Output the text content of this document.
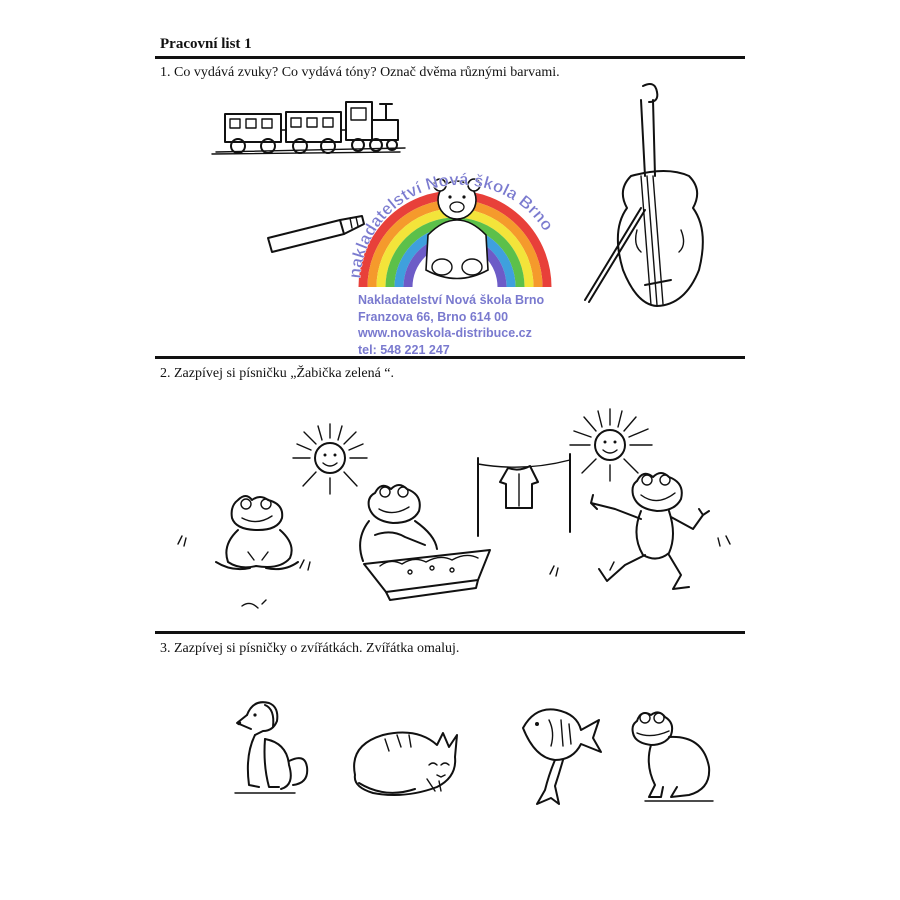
Pracovní list 1
1. Co vydává zvuky? Co vydává tóny? Označ dvěma různými barvami.
nakladatelství Nová škola Brno
Nakladatelství Nová škola Brno
Franzova 66, Brno 614 00
www.novaskola-distribuce.cz
tel: 548 221 247
2. Zazpívej si písničku „Žabička zelená “.
3. Zazpívej si písničky o zvířátkách. Zvířátka omaluj.
